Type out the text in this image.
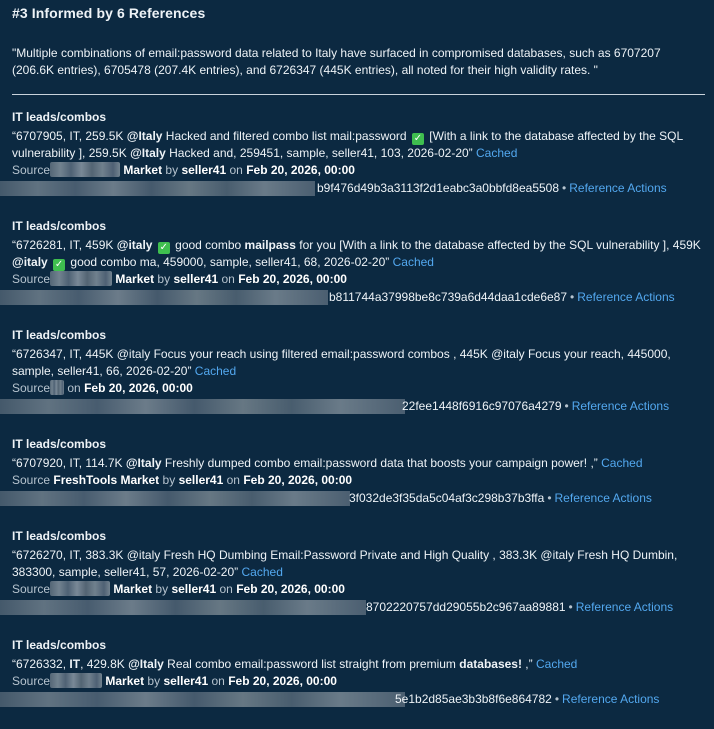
#3 Informed by 6 References
"Multiple combinations of email:password data related to Italy have surfaced in compromised databases, such as 6707207 (206.6K entries), 6705478 (207.4K entries), and 6726347 (445K entries), all noted for their high validity rates. "
IT leads/combos
“6707905, IT, 259.5K @Italy Hacked and filtered combo list mail:password ✓ [With a link to the database affected by the SQL vulnerability ], 259.5K @Italy Hacked and, 259451, sample, seller41, 103, 2026-02-20” Cached
Source	Market by seller41 on Feb 20, 2026, 00:00
b9f476d49b3a3113f2d1eabc3a0bbfd8ea5508 • Reference Actions
IT leads/combos
“6726281, IT, 459K @italy ✓ good combo mailpass for you [With a link to the database affected by the SQL vulnerability ], 459K @italy ✓ good combo ma, 459000, sample, seller41, 68, 2026-02-20” Cached
Source	Market by seller41 on Feb 20, 2026, 00:00
b811744a37998be8c739a6d44daa1cde6e87 • Reference Actions
IT leads/combos
“6726347, IT, 445K @italy Focus your reach using filtered email:password combos , 445K @italy Focus your reach, 445000, sample, seller41, 66, 2026-02-20” Cached
Source on Feb 20, 2026, 00:00
22fee1448f6916c97076a4279 • Reference Actions
IT leads/combos
“6707920, IT, 114.7K @Italy Freshly dumped combo email:password data that boosts your campaign power! ,” Cached
Source FreshTools Market by seller41 on Feb 20, 2026, 00:00
3f032de3f35da5c04af3c298b37b3ffa • Reference Actions
IT leads/combos
“6726270, IT, 383.3K @italy Fresh HQ Dumbing Email:Password Private and High Quality , 383.3K @italy Fresh HQ Dumbin, 383300, sample, seller41, 57, 2026-02-20” Cached
Source	Market by seller41 on Feb 20, 2026, 00:00
8702220757dd29055b2c967aa89881 • Reference Actions
IT leads/combos
“6726332, IT, 429.8K @Italy Real combo email:password list straight from premium databases! ,” Cached
Source	Market by seller41 on Feb 20, 2026, 00:00
5e1b2d85ae3b3b8f6e864782 • Reference Actions
